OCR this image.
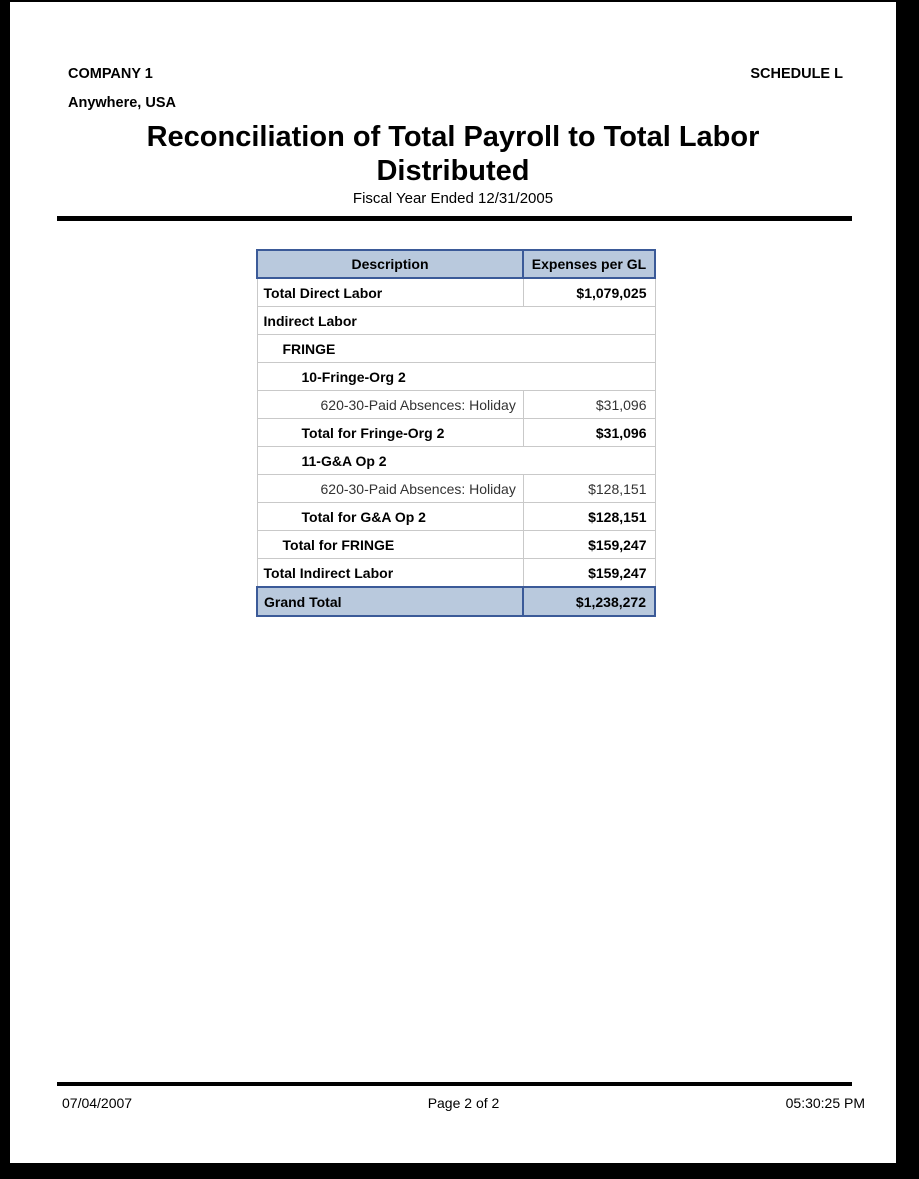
COMPANY 1	SCHEDULE L
Anywhere, USA
Reconciliation of Total Payroll to Total Labor Distributed
Fiscal Year Ended 12/31/2005
Description	Expenses per GL
Total Direct Labor	$1,079,025
Indirect Labor	
FRINGE	
10-Fringe-Org 2	
620-30-Paid Absences: Holiday	$31,096
Total for Fringe-Org 2	$31,096
11-G&A Op 2	
620-30-Paid Absences: Holiday	$128,151
Total for G&A Op 2	$128,151
Total for FRINGE	$159,247
Total Indirect Labor	$159,247
Grand Total	$1,238,272
07/04/2007	Page 2 of 2	05:30:25 PM
